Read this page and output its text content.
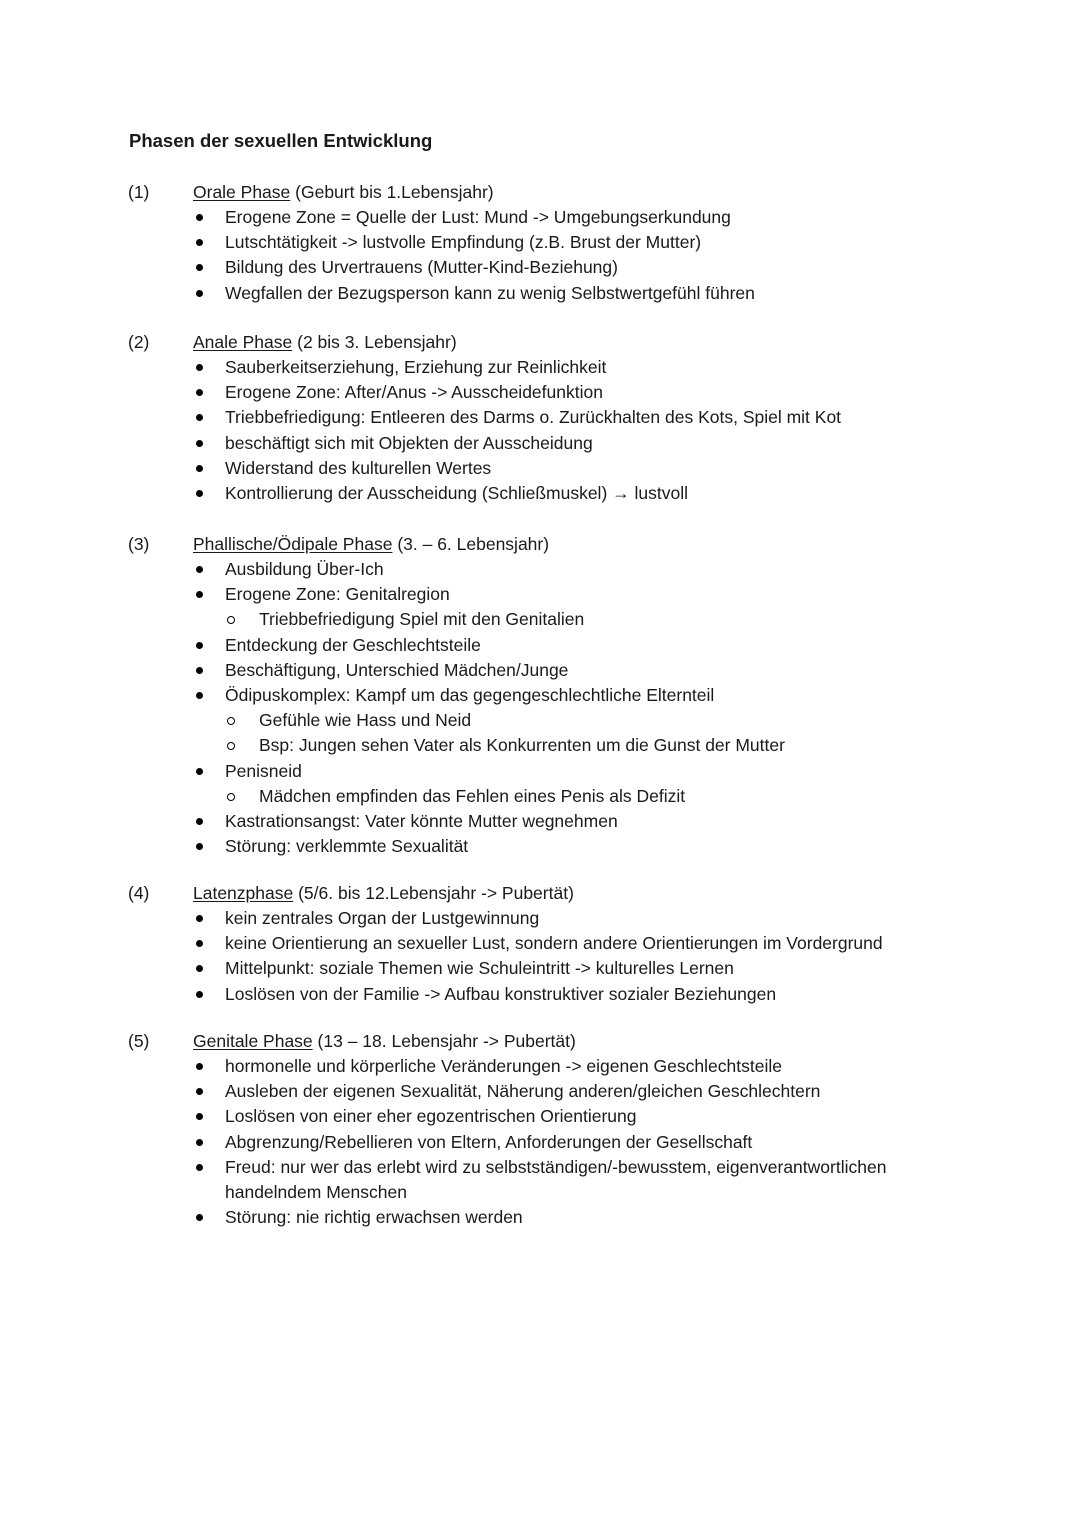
Phasen der sexuellen Entwicklung
(1) Orale Phase (Geburt bis 1.Lebensjahr)
Erogene Zone = Quelle der Lust: Mund -> Umgebungserkundung
Lutschtätigkeit -> lustvolle Empfindung (z.B. Brust der Mutter)
Bildung des Urvertrauens (Mutter-Kind-Beziehung)
Wegfallen der Bezugsperson kann zu wenig Selbstwertgefühl führen
(2) Anale Phase (2 bis 3. Lebensjahr)
Sauberkeitserziehung, Erziehung zur Reinlichkeit
Erogene Zone: After/Anus -> Ausscheidefunktion
Triebbefriedigung: Entleeren des Darms o. Zurückhalten des Kots, Spiel mit Kot
beschäftigt sich mit Objekten der Ausscheidung
Widerstand des kulturellen Wertes
Kontrollierung der Ausscheidung (Schließmuskel) → lustvoll
(3) Phallische/Ödipale Phase (3. – 6. Lebensjahr)
Ausbildung Über-Ich
Erogene Zone: Genitalregion
Triebbefriedigung Spiel mit den Genitalien
Entdeckung der Geschlechtsteile
Beschäftigung, Unterschied Mädchen/Junge
Ödipuskomplex: Kampf um das gegengeschlechtliche Elternteil
Gefühle wie Hass und Neid
Bsp: Jungen sehen Vater als Konkurrenten um die Gunst der Mutter
Penisneid
Mädchen empfinden das Fehlen eines Penis als Defizit
Kastrationsangst: Vater könnte Mutter wegnehmen
Störung: verklemmte Sexualität
(4) Latenzphase (5/6. bis 12.Lebensjahr -> Pubertät)
kein zentrales Organ der Lustgewinnung
keine Orientierung an sexueller Lust, sondern andere Orientierungen im Vordergrund
Mittelpunkt: soziale Themen wie Schuleintritt -> kulturelles Lernen
Loslösen von der Familie -> Aufbau konstruktiver sozialer Beziehungen
(5) Genitale Phase (13 – 18. Lebensjahr -> Pubertät)
hormonelle und körperliche Veränderungen -> eigenen Geschlechtsteile
Ausleben der eigenen Sexualität, Näherung anderen/gleichen Geschlechtern
Loslösen von einer eher egozentrischen Orientierung
Abgrenzung/Rebellieren von Eltern, Anforderungen der Gesellschaft
Freud: nur wer das erlebt wird zu selbstständigen/-bewusstem, eigenverantwortlichen handelndem Menschen
Störung: nie richtig erwachsen werden
